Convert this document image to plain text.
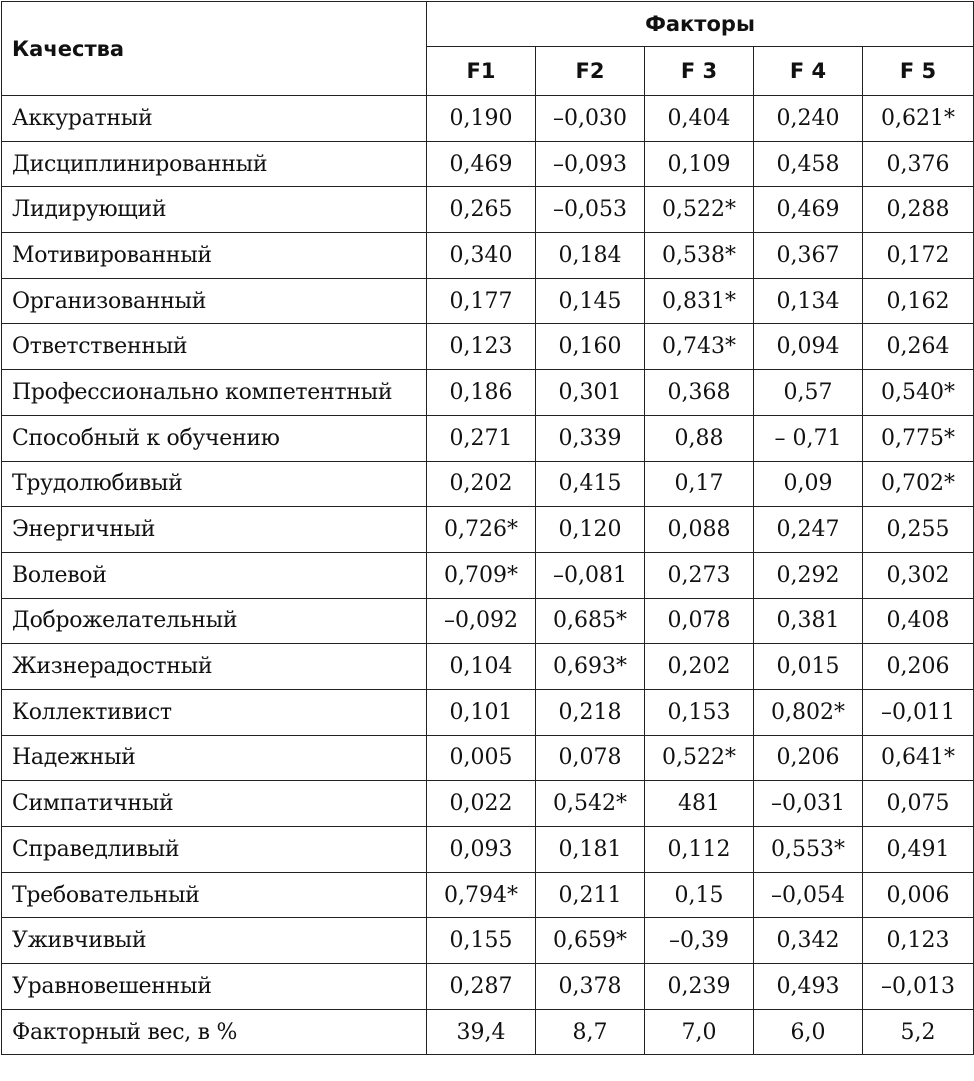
Качества	Факторы				
	F1	F2	F 3	F 4	F 5
Аккуратный	0,190	–0,030	0,404	0,240	0,621*
Дисциплинированный	0,469	–0,093	0,109	0,458	0,376
Лидирующий	0,265	–0,053	0,522*	0,469	0,288
Мотивированный	0,340	0,184	0,538*	0,367	0,172
Организованный	0,177	0,145	0,831*	0,134	0,162
Ответственный	0,123	0,160	0,743*	0,094	0,264
Профессионально компетентный	0,186	0,301	0,368	0,57	0,540*
Способный к обучению	0,271	0,339	0,88	– 0,71	0,775*
Трудолюбивый	0,202	0,415	0,17	0,09	0,702*
Энергичный	0,726*	0,120	0,088	0,247	0,255
Волевой	0,709*	–0,081	0,273	0,292	0,302
Доброжелательный	–0,092	0,685*	0,078	0,381	0,408
Жизнерадостный	0,104	0,693*	0,202	0,015	0,206
Коллективист	0,101	0,218	0,153	0,802*	–0,011
Надежный	0,005	0,078	0,522*	0,206	0,641*
Симпатичный	0,022	0,542*	481	–0,031	0,075
Справедливый	0,093	0,181	0,112	0,553*	0,491
Требовательный	0,794*	0,211	0,15	–0,054	0,006
Уживчивый	0,155	0,659*	–0,39	0,342	0,123
Уравновешенный	0,287	0,378	0,239	0,493	–0,013
Факторный вес, в %	39,4	8,7	7,0	6,0	5,2
